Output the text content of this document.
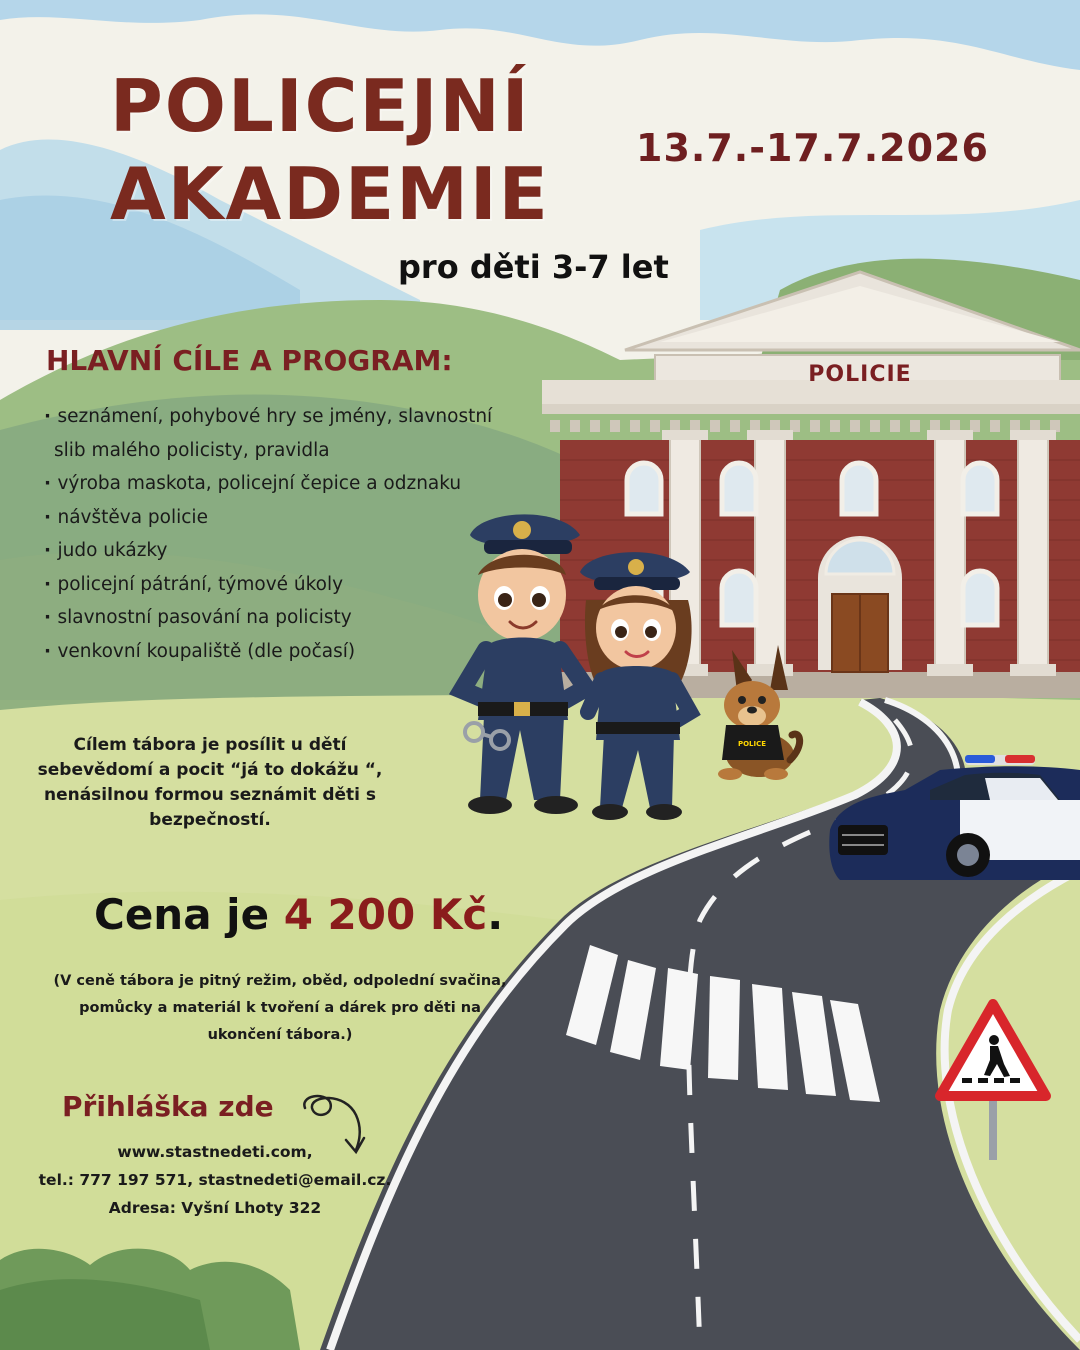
POLICE
POLICEJNÍ
AKADEMIE
13.7.-17.7.2026
pro děti 3-7 let
POLICIE
HLAVNÍ CÍLE A PROGRAM:
· seznámení, pohybové hry se jmény, slavnostní
slib malého policisty, pravidla
· výroba maskota, policejní čepice a odznaku
· návštěva policie
· judo ukázky
· policejní pátrání, týmové úkoly
· slavnostní pasování na policisty
· venkovní koupaliště (dle počasí)
Cílem tábora je posílit u dětí
sebevědomí a pocit “já to dokážu “,
nenásilnou formou seznámit děti s
bezpečností.
Cena je 4 200 Kč.
(V ceně tábora je pitný režim, oběd, odpolední svačina,
pomůcky a materiál k tvoření a dárek pro děti na
ukončení tábora.)
Přihláška zde
www.stastnedeti.com,
tel.: 777 197 571, stastnedeti@email.cz.
Adresa: Vyšní Lhoty 322
